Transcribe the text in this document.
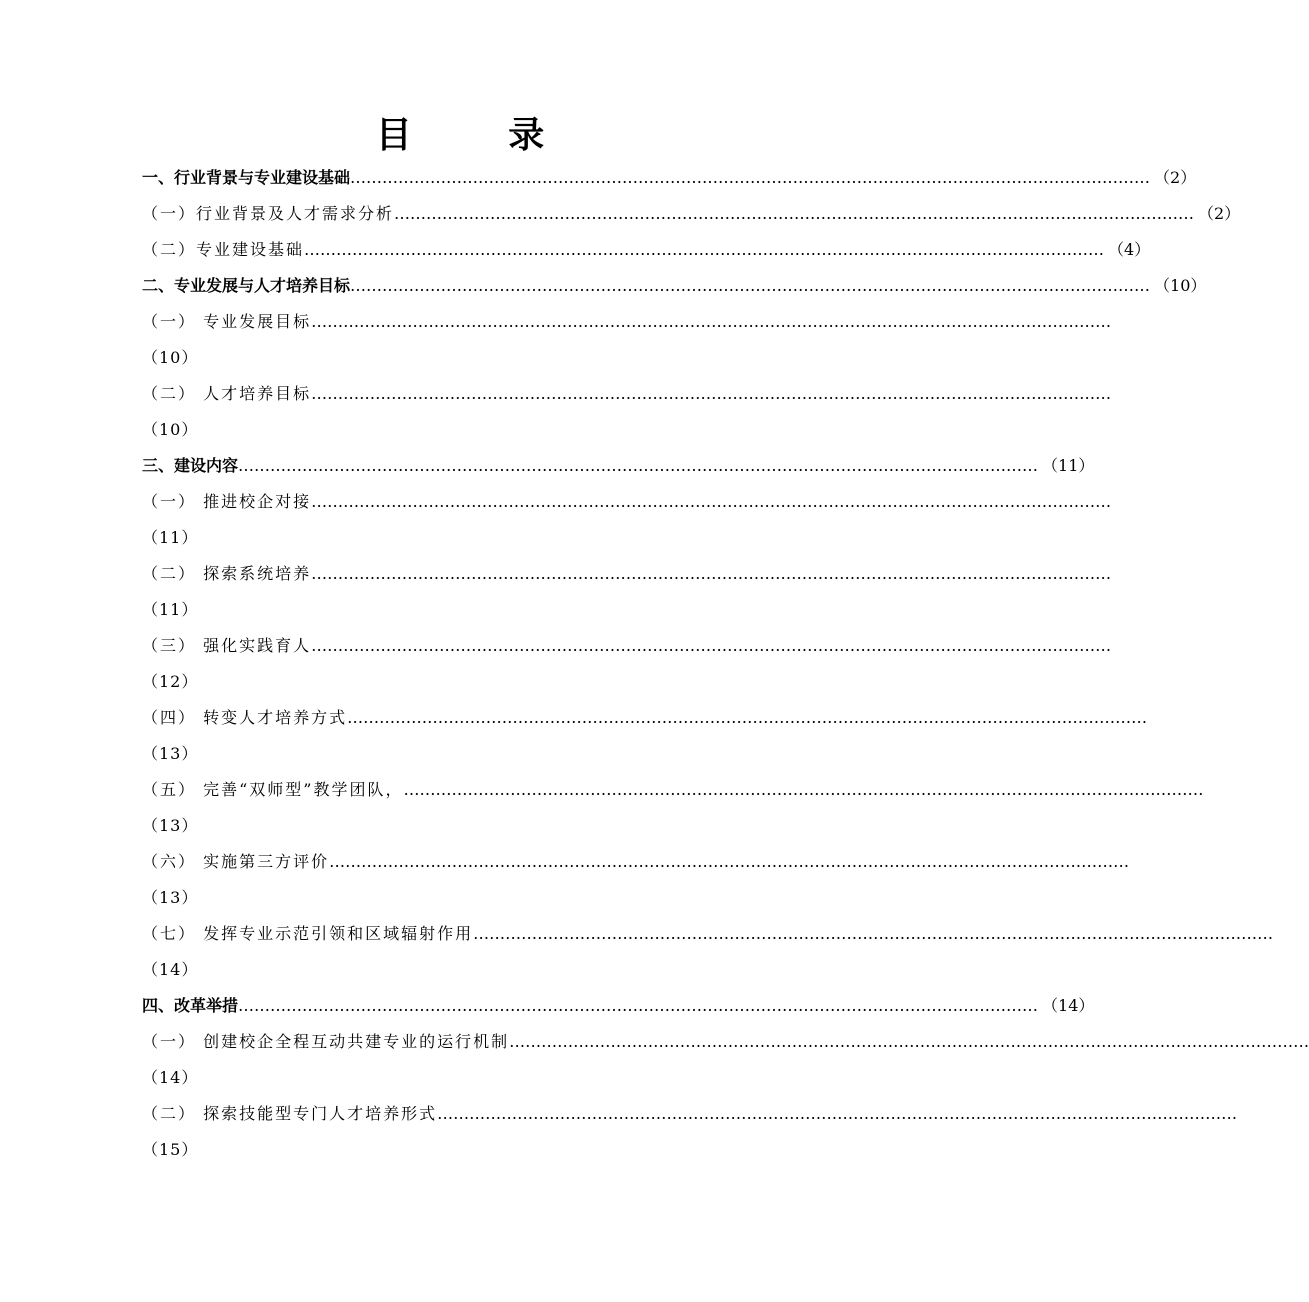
目 录
一、行业背景与专业建设基础 …………………………………………………………………………………………………………………………………… （2）
（一）行业背景及人才需求分析 …………………………………………………………………………………………………………………………………… （2）
（二）专业建设基础 …………………………………………………………………………………………………………………………………… （4）
二、专业发展与人才培养目标 …………………………………………………………………………………………………………………………………… （10）
（一） 专业发展目标 ……………………………………………………………………………………………………………………………………
（10）
（二） 人才培养目标 ……………………………………………………………………………………………………………………………………
（10）
三、建设内容 …………………………………………………………………………………………………………………………………… （11）
（一） 推进校企对接 ……………………………………………………………………………………………………………………………………
（11）
（二） 探索系统培养 ……………………………………………………………………………………………………………………………………
（11）
（三） 强化实践育人 ……………………………………………………………………………………………………………………………………
（12）
（四） 转变人才培养方式 ……………………………………………………………………………………………………………………………………
（13）
（五） 完善“双师型”教学团队， ……………………………………………………………………………………………………………………………………
（13）
（六） 实施第三方评价 ……………………………………………………………………………………………………………………………………
（13）
（七） 发挥专业示范引领和区域辐射作用 ……………………………………………………………………………………………………………………………………
（14）
四、改革举措 …………………………………………………………………………………………………………………………………… （14）
（一） 创建校企全程互动共建专业的运行机制 ……………………………………………………………………………………………………………………………………
（14）
（二） 探索技能型专门人才培养形式 ……………………………………………………………………………………………………………………………………
（15）
